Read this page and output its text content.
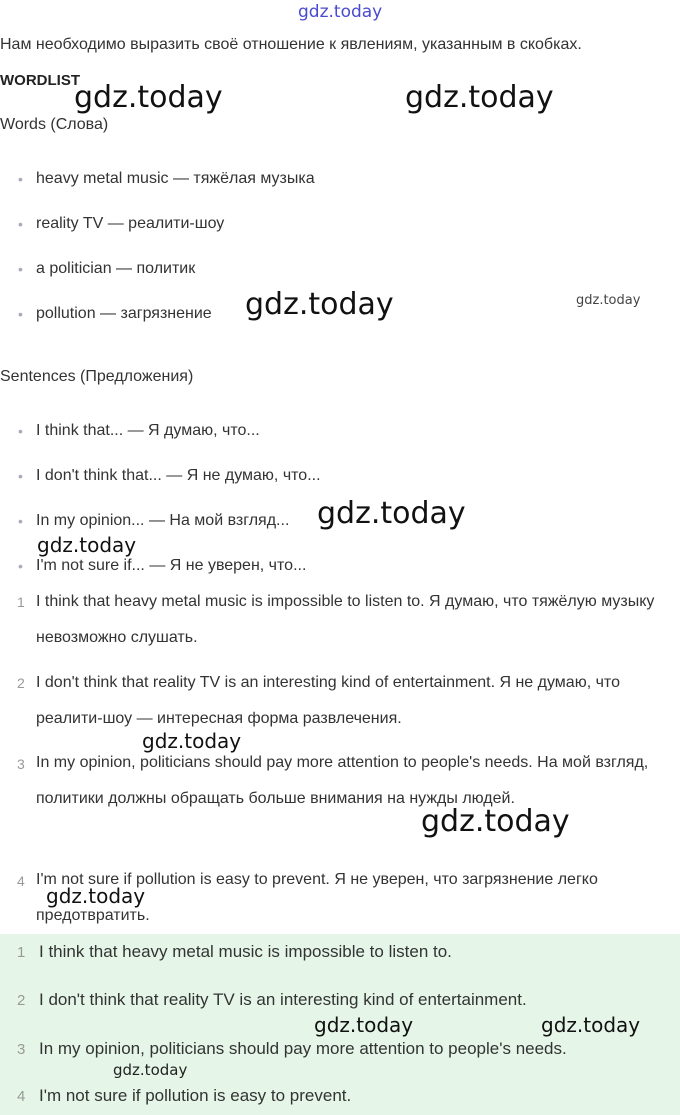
gdz.today
Нам необходимо выразить своё отношение к явлениям, указанным в скобках.
WORDLIST
Words (Слова)
• heavy metal music — тяжёлая музыка
• reality TV — реалити-шоу
• a politician — политик
• pollution — загрязнение
Sentences (Предложения)
• I think that... — Я думаю, что...
• I don't think that... — Я не думаю, что...
• In my opinion... — На мой взгляд...
• I'm not sure if... — Я не уверен, что...
1 I think that heavy metal music is impossible to listen to. Я думаю, что тяжёлую музыку невозможно слушать.
2 I don't think that reality TV is an interesting kind of entertainment. Я не думаю, что реалити-шоу — интересная форма развлечения.
3 In my opinion, politicians should pay more attention to people's needs. На мой взгляд, политики должны обращать больше внимания на нужды людей.
4 I'm not sure if pollution is easy to prevent. Я не уверен, что загрязнение легко предотвратить.
1 I think that heavy metal music is impossible to listen to.
2 I don't think that reality TV is an interesting kind of entertainment.
3 In my opinion, politicians should pay more attention to people's needs.
4 I'm not sure if pollution is easy to prevent.
gdz.today	gdz.today
gdz.today	gdz.today
gdz.today
gdz.today
gdz.today
gdz.today
gdz.today
gdz.today	gdz.today
gdz.today
